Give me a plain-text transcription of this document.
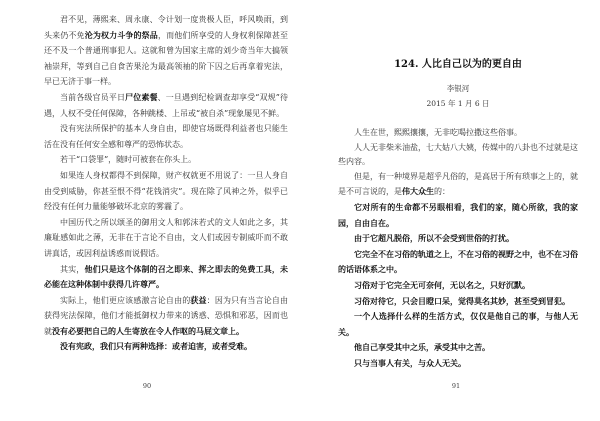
君不见，薄熙来、周永康、令计划一度贵极人臣，呼风唤雨，到头来仍不免沦为权力斗争的祭品，而他们所享受的人身权利保障甚至还不及一个普通刑事犯人。这就和曾为国家主席的刘少奇当年大搞领袖崇拜，等到自己自食苦果沦为最高领袖的阶下囚之后再拿着宪法，早已无济于事一样。

当前各级官员平日尸位素餐、一旦遇到纪检调查却享受“双规”待遇，人权不受任何保障，各种跳楼、上吊或“被自杀”现象屡见不鲜。

没有宪法所保护的基本人身自由，即使官场既得利益者也只能生活在没有任何安全感和尊严的恐怖状态。

若干“口袋罪”，随时可被套在你头上。

如果连人身权都得不到保障，财产权就更不用说了：一旦人身自由受到威胁，你甚至恨不得“花钱消灾”。现在除了风神之外，似乎已经没有任何力量能够破坏北京的雾霾了。

中国历代之所以颂圣的御用文人和郭沫若式的文人如此之多，其廉耻感如此之薄，无非在于言论不自由，文人们或因专制威吓而不敢讲真话，或因利益诱惑而说假话。

其实，他们只是这个体制的召之即来、挥之即去的免费工具，未必能在这种体制中获得几许尊严。

实际上，他们更应该感激言论自由的获益：因为只有当言论自由获得宪法保障，他们才能抵御权力带来的诱惑、恐惧和邪恶，因而也就没有必要把自己的人生寄放在令人作呕的马屁文章上。

没有宪政，我们只有两种选择：或者迫害，或者受难。

90
124. 人比自己以为的更自由
李银河
2015 年 1 月 6 日

人生在世，熙熙攘攘，无非吃喝拉撒这些俗事。

人人无非柴米油盐，七大姑八大姨，传媒中的八卦也不过就是这些内容。

但是，有一种境界是超乎凡俗的，是高居于所有琐事之上的，就是不可言说的，是伟大众生的：

它对所有的生命都不另眼相看，我们的家，随心所欲，我的家园，自由自在。

由于它超凡脱俗，所以不会受到世俗的打扰。

它完全不在习俗的轨道之上，不在习俗的视野之中，也不在习俗的话语体系之中。

习俗对于它完全无可奈何，无以名之，只好沉默。

习俗对待它，只会目瞪口呆，觉得莫名其妙，甚至受到冒犯。

一个人选择什么样的生活方式，仅仅是他自己的事，与他人无关。

他自己享受其中之乐，承受其中之苦。

只与当事人有关，与众人无关。

91
